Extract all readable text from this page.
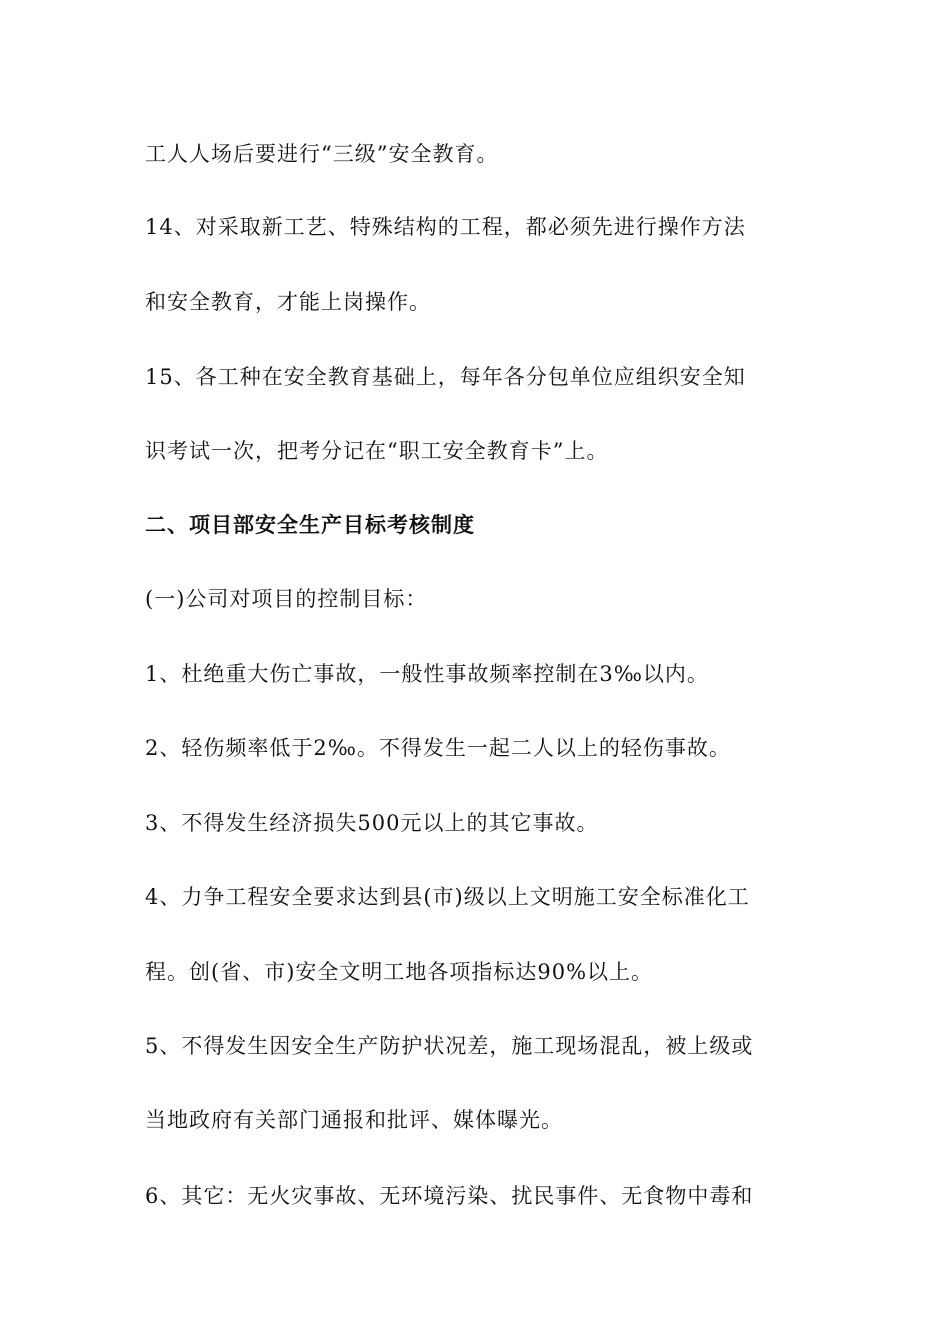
工人人场后要进行“三级”安全教育。
14、对采取新工艺、特殊结构的工程，都必须先进行操作方法
和安全教育，才能上岗操作。
15、各工种在安全教育基础上，每年各分包单位应组织安全知
识考试一次，把考分记在“职工安全教育卡”上。
二、项目部安全生产目标考核制度
(一)公司对项目的控制目标：
1、杜绝重大伤亡事故，一般性事故频率控制在3‰以内。
2、轻伤频率低于2‰。不得发生一起二人以上的轻伤事故。
3、不得发生经济损失500元以上的其它事故。
4、力争工程安全要求达到县(市)级以上文明施工安全标准化工
程。创(省、市)安全文明工地各项指标达90%以上。
5、不得发生因安全生产防护状况差，施工现场混乱，被上级或
当地政府有关部门通报和批评、媒体曝光。
6、其它：无火灾事故、无环境污染、扰民事件、无食物中毒和
